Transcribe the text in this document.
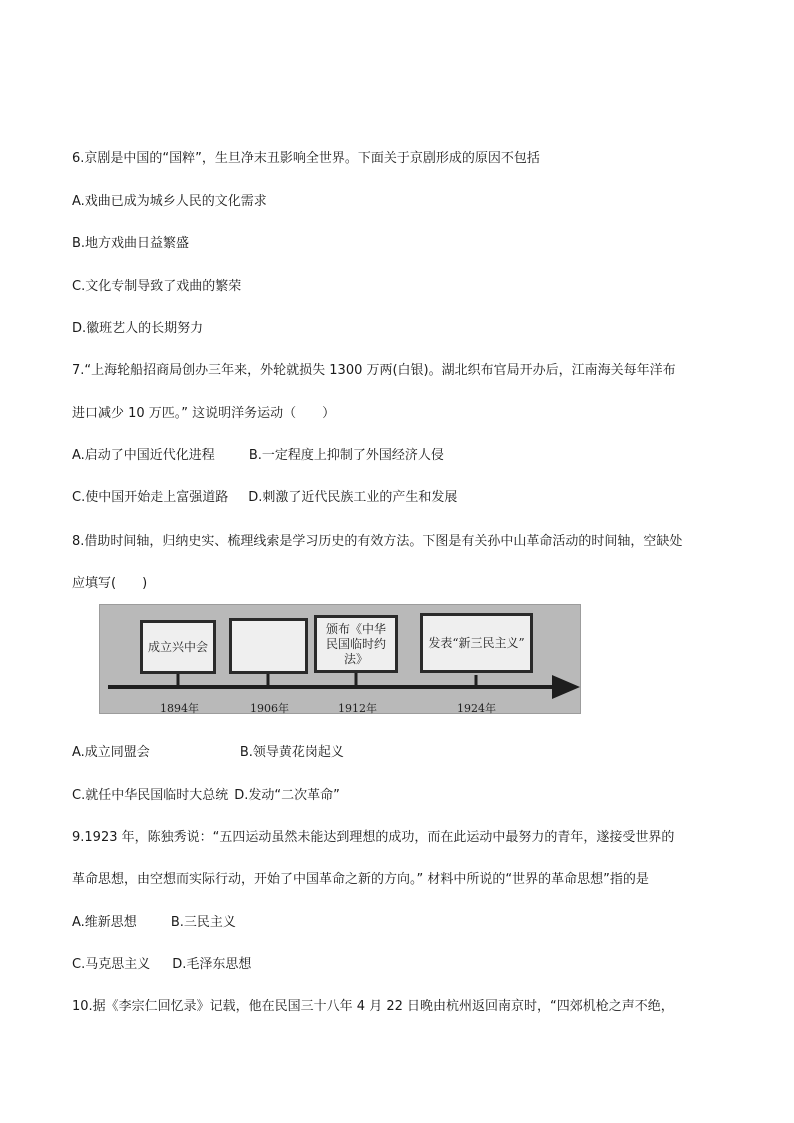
6.京剧是中国的“国粹”，生旦净末丑影响全世界。下面关于京剧形成的原因不包括
A.戏曲已成为城乡人民的文化需求
B.地方戏曲日益繁盛
C.文化专制导致了戏曲的繁荣
D.徽班艺人的长期努力
7.“上海轮船招商局创办三年来，外轮就损失 1300 万两(白银)。湖北织布官局开办后，江南海关每年洋布
进口减少 10 万匹。” 这说明洋务运动（　　）
A.启动了中国近代化进程	B.一定程度上抑制了外国经济人侵
C.使中国开始走上富强道路 D.刺激了近代民族工业的产生和发展
8.借助时间轴，归纳史实、梳理线索是学习历史的有效方法。下图是有关孙中山革命活动的时间轴，空缺处
应填写(　　)
成立兴中会
颁布《中华民国临时约法》
发表“新三民主义”
1894年	1906年	1912年	1924年
A.成立同盟会	B.领导黄花岗起义
C.就任中华民国临时大总统 D.发动“二次革命”
9.1923 年，陈独秀说：“五四运动虽然未能达到理想的成功，而在此运动中最努力的青年，遂接受世界的
革命思想，由空想而实际行动，开始了中国革命之新的方向。” 材料中所说的“世界的革命思想”指的是
A.维新思想	B.三民主义
C.马克思主义 D.毛泽东思想
10.据《李宗仁回忆录》记载，他在民国三十八年 4 月 22 日晚由杭州返回南京时，“四郊机枪之声不绝，
